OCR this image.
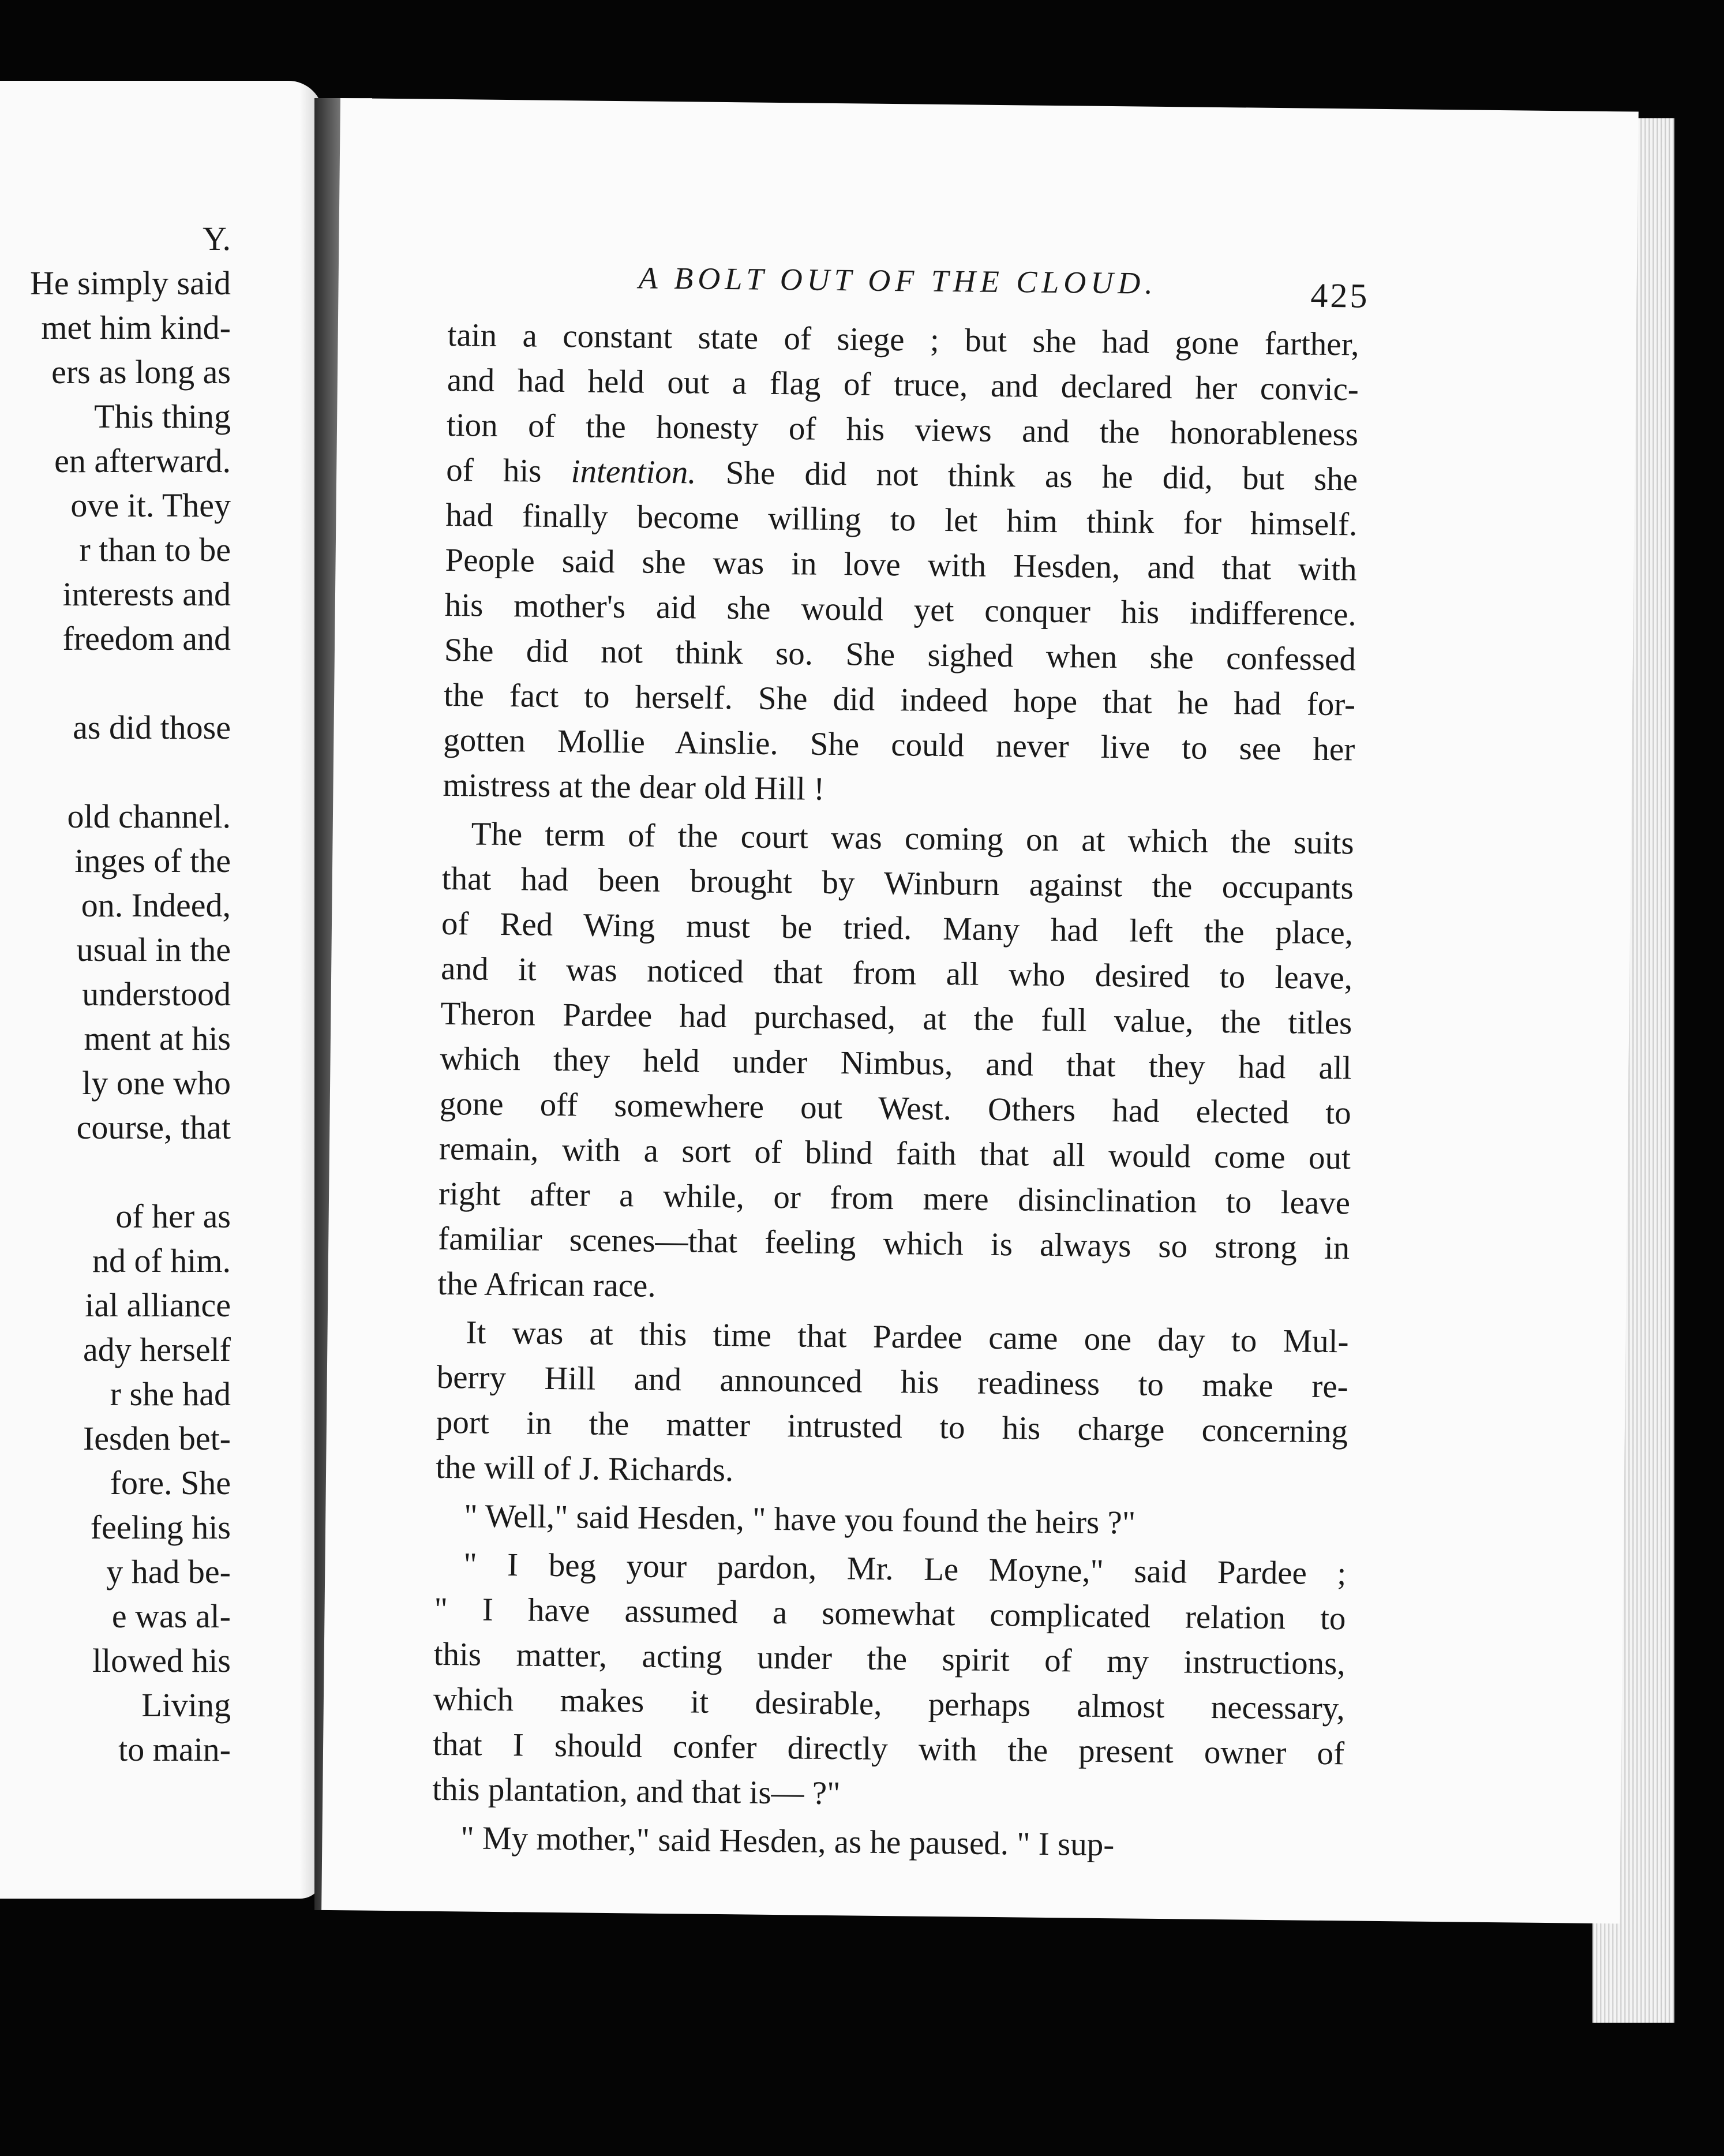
Y.
He simply said
met him kind-
ers as long as
This thing
en afterward.
ove it. They
r than to be
interests and
freedom and
as did those
old channel.
inges of the
on. Indeed,
usual in the
understood
ment at his
ly one who
course, that
of her as
nd of him.
ial alliance
ady herself
r she had
Iesden bet-
fore. She
feeling his
y had be-
e was al-
llowed his
Living
to main-
A BOLT OUT OF THE CLOUD.	425
tain a constant state of siege ; but she had gone farther,
and had held out a flag of truce, and declared her convic-
tion of the honesty of his views and the honorableness
of his intention. She did not think as he did, but she
had finally become willing to let him think for himself.
People said she was in love with Hesden, and that with
his mother's aid she would yet conquer his indifference.
She did not think so. She sighed when she confessed
the fact to herself. She did indeed hope that he had for-
gotten Mollie Ainslie. She could never live to see her
mistress at the dear old Hill !
The term of the court was coming on at which the suits
that had been brought by Winburn against the occupants
of Red Wing must be tried. Many had left the place,
and it was noticed that from all who desired to leave,
Theron Pardee had purchased, at the full value, the titles
which they held under Nimbus, and that they had all
gone off somewhere out West. Others had elected to
remain, with a sort of blind faith that all would come out
right after a while, or from mere disinclination to leave
familiar scenes—that feeling which is always so strong in
the African race.
It was at this time that Pardee came one day to Mul-
berry Hill and announced his readiness to make re-
port in the matter intrusted to his charge concerning
the will of J. Richards.
" Well," said Hesden, " have you found the heirs ?"
" I beg your pardon, Mr. Le Moyne," said Pardee ;
" I have assumed a somewhat complicated relation to
this matter, acting under the spirit of my instructions,
which makes it desirable, perhaps almost necessary,
that I should confer directly with the present owner of
this plantation, and that is— ?"
" My mother," said Hesden, as he paused. " I sup-
